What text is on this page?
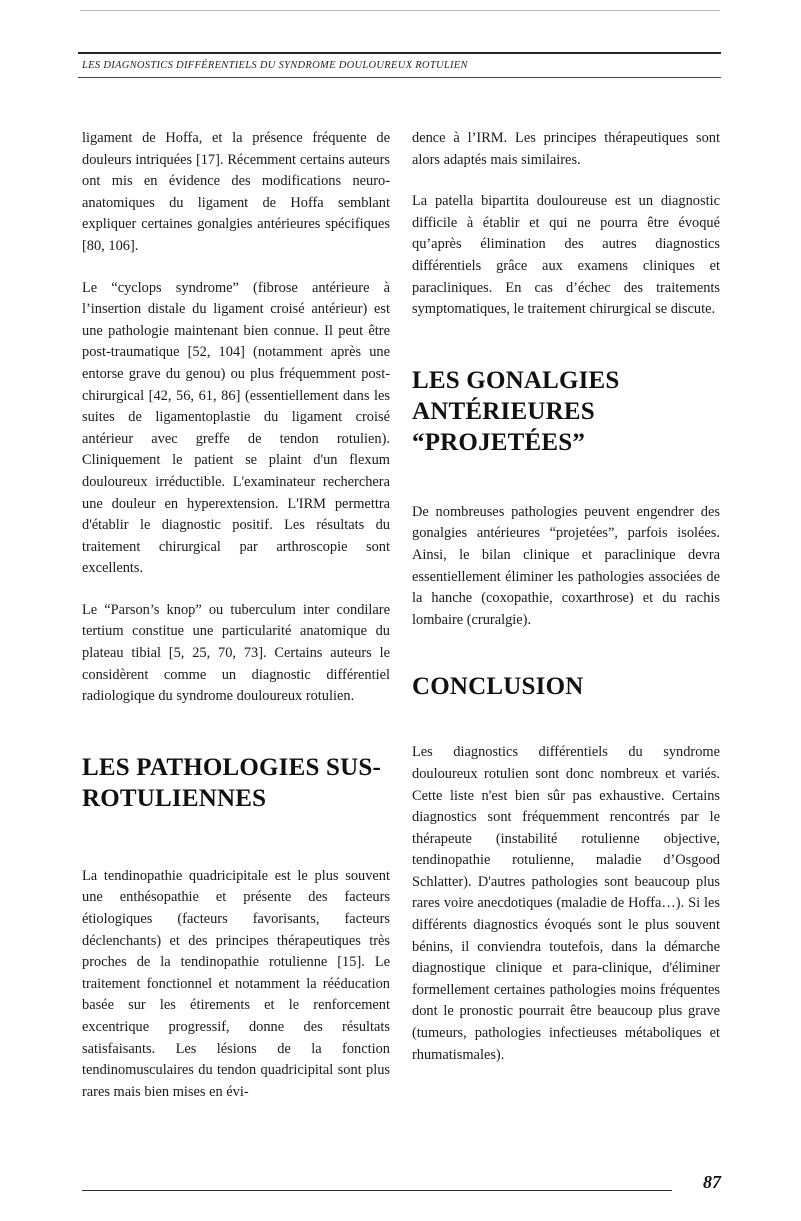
LES DIAGNOSTICS DIFFÉRENTIELS DU SYNDROME DOULOUREUX ROTULIEN

ligament de Hoffa, et la présence fréquente de douleurs intriquées [17]. Récemment certains auteurs ont mis en évidence des modifications neuro-anatomiques du ligament de Hoffa semblant expliquer certaines gonalgies antérieures spécifiques [80, 106].

Le “cyclops syndrome” (fibrose antérieure à l’insertion distale du ligament croisé antérieur) est une pathologie maintenant bien connue. Il peut être post-traumatique [52, 104] (notamment après une entorse grave du genou) ou plus fréquemment post-chirurgical [42, 56, 61, 86] (essentiellement dans les suites de ligamentoplastie du ligament croisé antérieur avec greffe de tendon rotulien). Cliniquement le patient se plaint d'un flexum douloureux irréductible. L'examinateur recherchera une douleur en hyperextension. L'IRM permettra d'établir le diagnostic positif. Les résultats du traitement chirurgical par arthroscopie sont excellents.

Le “Parson’s knop” ou tuberculum inter condilare tertium constitue une particularité anatomique du plateau tibial [5, 25, 70, 73]. Certains auteurs le considèrent comme un diagnostic différentiel radiologique du syndrome douloureux rotulien.

LES PATHOLOGIES SUS-ROTULIENNES

La tendinopathie quadricipitale est le plus souvent une enthésopathie et présente des facteurs étiologiques (facteurs favorisants, facteurs déclenchants) et des principes thérapeutiques très proches de la tendinopathie rotulienne [15]. Le traitement fonctionnel et notamment la rééducation basée sur les étirements et le renforcement excentrique progressif, donne des résultats satisfaisants. Les lésions de la fonction tendinomusculaires du tendon quadricipital sont plus rares mais bien mises en évi-

dence à l’IRM. Les principes thérapeutiques sont alors adaptés mais similaires.

La patella bipartita douloureuse est un diagnostic difficile à établir et qui ne pourra être évoqué qu’après élimination des autres diagnostics différentiels grâce aux examens cliniques et paracliniques. En cas d’échec des traitements symptomatiques, le traitement chirurgical se discute.

LES GONALGIES ANTÉRIEURES “PROJETÉES”

De nombreuses pathologies peuvent engendrer des gonalgies antérieures “projetées”, parfois isolées. Ainsi, le bilan clinique et paraclinique devra essentiellement éliminer les pathologies associées de la hanche (coxopathie, coxarthrose) et du rachis lombaire (cruralgie).

CONCLUSION

Les diagnostics différentiels du syndrome douloureux rotulien sont donc nombreux et variés. Cette liste n'est bien sûr pas exhaustive. Certains diagnostics sont fréquemment rencontrés par le thérapeute (instabilité rotulienne objective, tendinopathie rotulienne, maladie d’Osgood Schlatter). D'autres pathologies sont beaucoup plus rares voire anecdotiques (maladie de Hoffa…). Si les différents diagnostics évoqués sont le plus souvent bénins, il conviendra toutefois, dans la démarche diagnostique clinique et para-clinique, d'éliminer formellement certaines pathologies moins fréquentes dont le pronostic pourrait être beaucoup plus grave (tumeurs, pathologies infectieuses métaboliques et rhumatismales).

87
